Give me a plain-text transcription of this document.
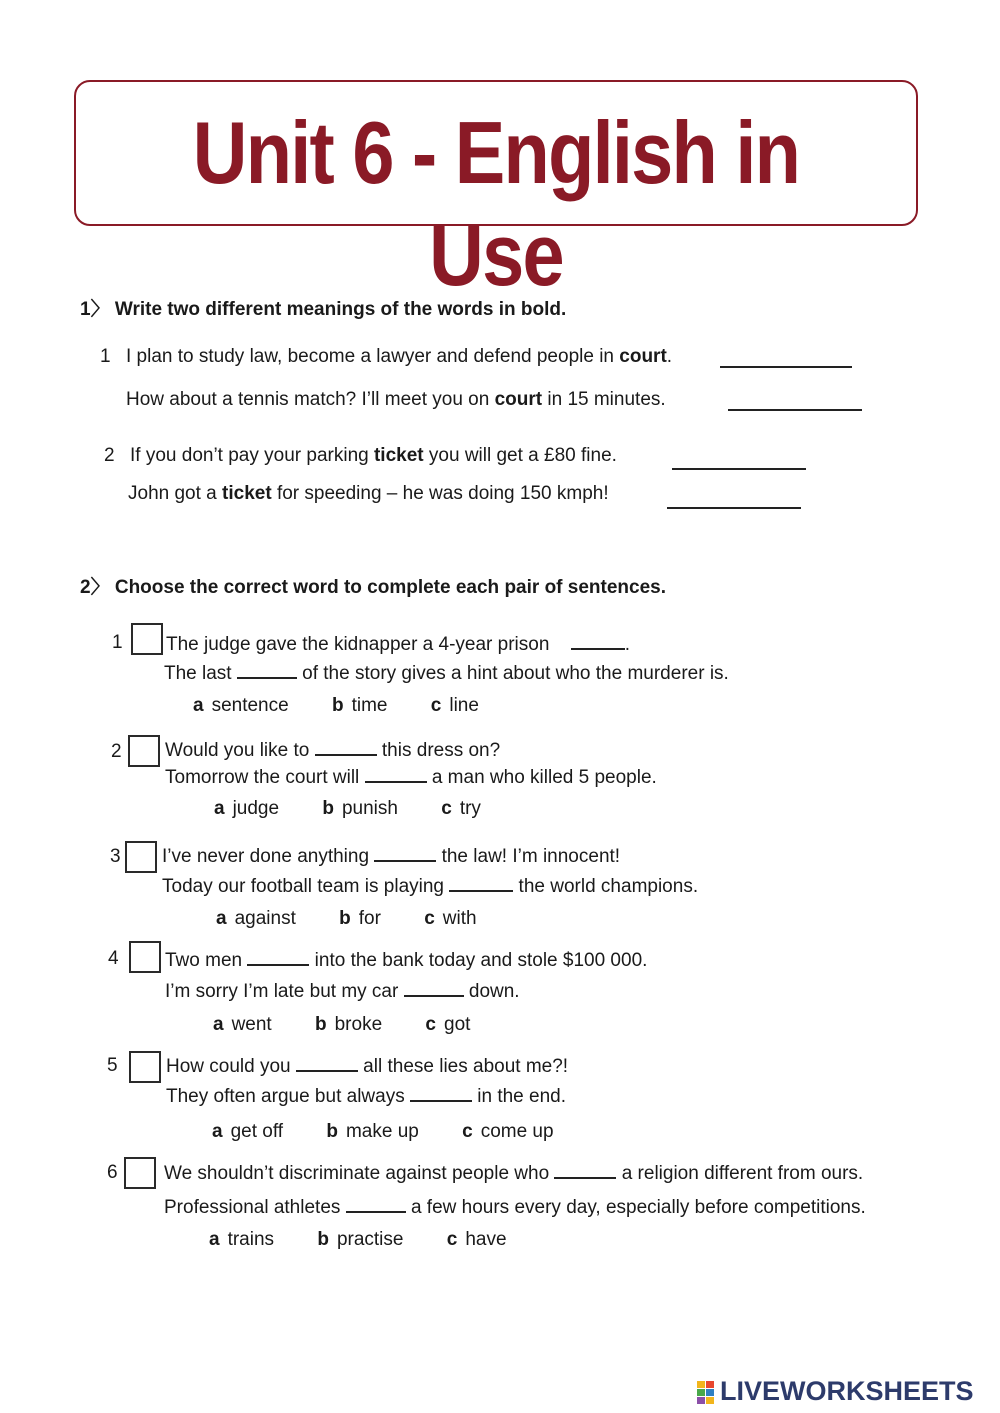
Unit 6 - English in Use
1〉 Write two different meanings of the words in bold.
1 I plan to study law, become a lawyer and defend people in court.
How about a tennis match? I’ll meet you on court in 15 minutes.
2 If you don’t pay your parking ticket you will get a £80 fine.
John got a ticket for speeding – he was doing 150 kmph!
2〉 Choose the correct word to complete each pair of sentences.
1 The judge gave the kidnapper a 4-year prison	.
The last	of the story gives a hint about who the murderer is.
a sentence b time c line
2 Would you like to	this dress on?
Tomorrow the court will	a man who killed 5 people.
a judge b punish c try
3 I’ve never done anything	the law! I’m innocent!
Today our football team is playing	the world champions.
a against b for c with
4 Two men	into the bank today and stole $100 000.
I’m sorry I’m late but my car	down.
a went b broke c got
5	How could you	all these lies about me?!
They often argue but always	in the end.
a get off b make up c come up
6 We shouldn’t discriminate against people who	a religion different from ours.
Professional athletes	a few hours every day, especially before competitions.
a trains b practise c have
LIVEWORKSHEETS
